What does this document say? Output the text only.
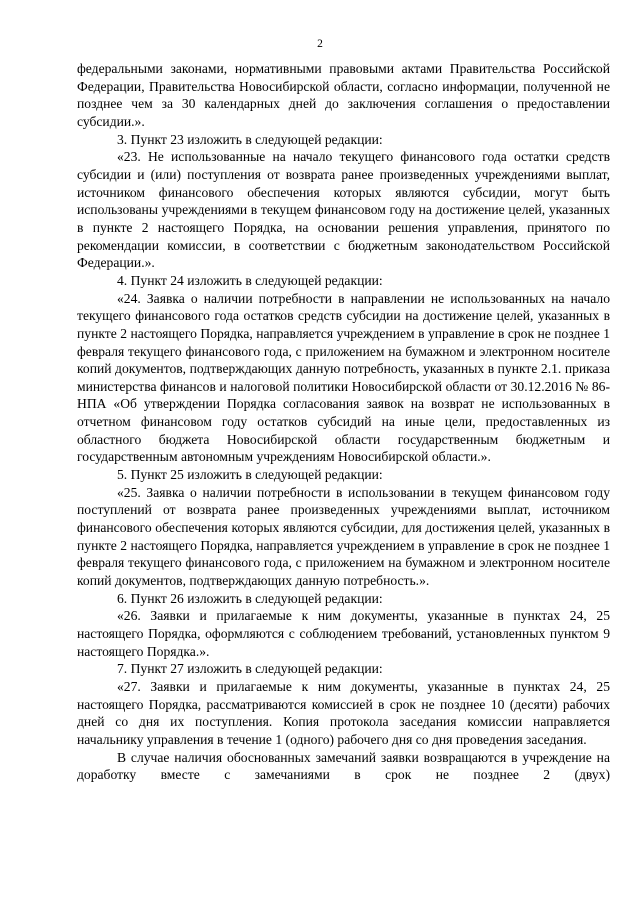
2

федеральными законами, нормативными правовыми актами Правительства Российской Федерации, Правительства Новосибирской области, согласно информации, полученной не позднее чем за 30 календарных дней до заключения соглашения о предоставлении субсидии.».

3. Пункт 23 изложить в следующей редакции:

«23. Не использованные на начало текущего финансового года остатки средств субсидии и (или) поступления от возврата ранее произведенных учреждениями выплат, источником финансового обеспечения которых являются субсидии, могут быть использованы учреждениями в текущем финансовом году на достижение целей, указанных в пункте 2 настоящего Порядка, на основании решения управления, принятого по рекомендации комиссии, в соответствии с бюджетным законодательством Российской Федерации.».

4. Пункт 24 изложить в следующей редакции:

«24. Заявка о наличии потребности в направлении не использованных на начало текущего финансового года остатков средств субсидии на достижение целей, указанных в пункте 2 настоящего Порядка, направляется учреждением в управление в срок не позднее 1 февраля текущего финансового года, с приложением на бумажном и электронном носителе копий документов, подтверждающих данную потребность, указанных в пункте 2.1. приказа министерства финансов и налоговой политики Новосибирской области от 30.12.2016 № 86-НПА «Об утверждении Порядка согласования заявок на возврат не использованных в отчетном финансовом году остатков субсидий на иные цели, предоставленных из областного бюджета Новосибирской области государственным бюджетным и государственным автономным учреждениям Новосибирской области.».

5. Пункт 25 изложить в следующей редакции:

«25. Заявка о наличии потребности в использовании в текущем финансовом году поступлений от возврата ранее произведенных учреждениями выплат, источником финансового обеспечения которых являются субсидии, для достижения целей, указанных в пункте 2 настоящего Порядка, направляется учреждением в управление в срок не позднее 1 февраля текущего финансового года, с приложением на бумажном и электронном носителе копий документов, подтверждающих данную потребность.».

6. Пункт 26 изложить в следующей редакции:

«26. Заявки и прилагаемые к ним документы, указанные в пунктах 24, 25 настоящего Порядка, оформляются с соблюдением требований, установленных пунктом 9 настоящего Порядка.».

7. Пункт 27 изложить в следующей редакции:

«27. Заявки и прилагаемые к ним документы, указанные в пунктах 24, 25 настоящего Порядка, рассматриваются комиссией в срок не позднее 10 (десяти) рабочих дней со дня их поступления. Копия протокола заседания комиссии направляется начальнику управления в течение 1 (одного) рабочего дня со дня проведения заседания.

В случае наличия обоснованных замечаний заявки возвращаются в учреждение на доработку вместе с замечаниями в срок не позднее 2 (двух)
